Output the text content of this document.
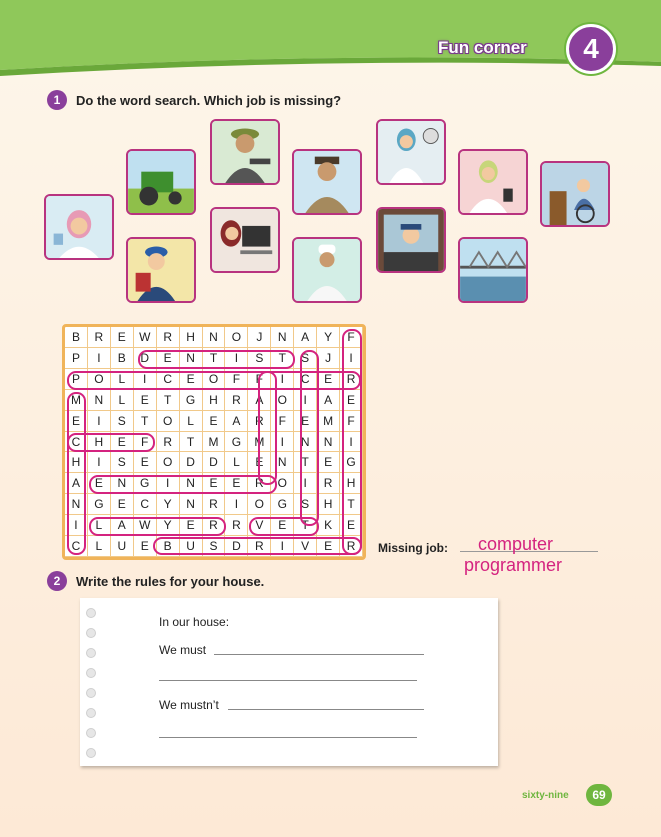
Fun corner	4
1	Do the word search. Which job is missing?
B	R	E	W	R	H	N	O	J	N	A	Y	F
P	I	B	D	E	N	T	I	S	T	S	J	I
P	O	L	I	C	E	O	F	F	I	C	E	R
M	N	L	E	T	G	H	R	A	O	I	A	E
E	I	S	T	O	L	E	A	R	F	E	M	F
C	H	E	F	R	T	M	G	M	I	N	N	I
H	I	S	E	O	D	D	L	E	N	T	E	G
A	E	N	G	I	N	E	E	R	O	I	R	H
N	G	E	C	Y	N	R	I	O	G	S	H	T
I	L	A	W	Y	E	R	R	V	E	T	K	E
C	L	U	E	B	U	S	D	R	I	V	E	R	Missing job: computer
programmer
2	Write the rules for your house.
In our house:
We must
We mustn’t
sixty-nine	69
